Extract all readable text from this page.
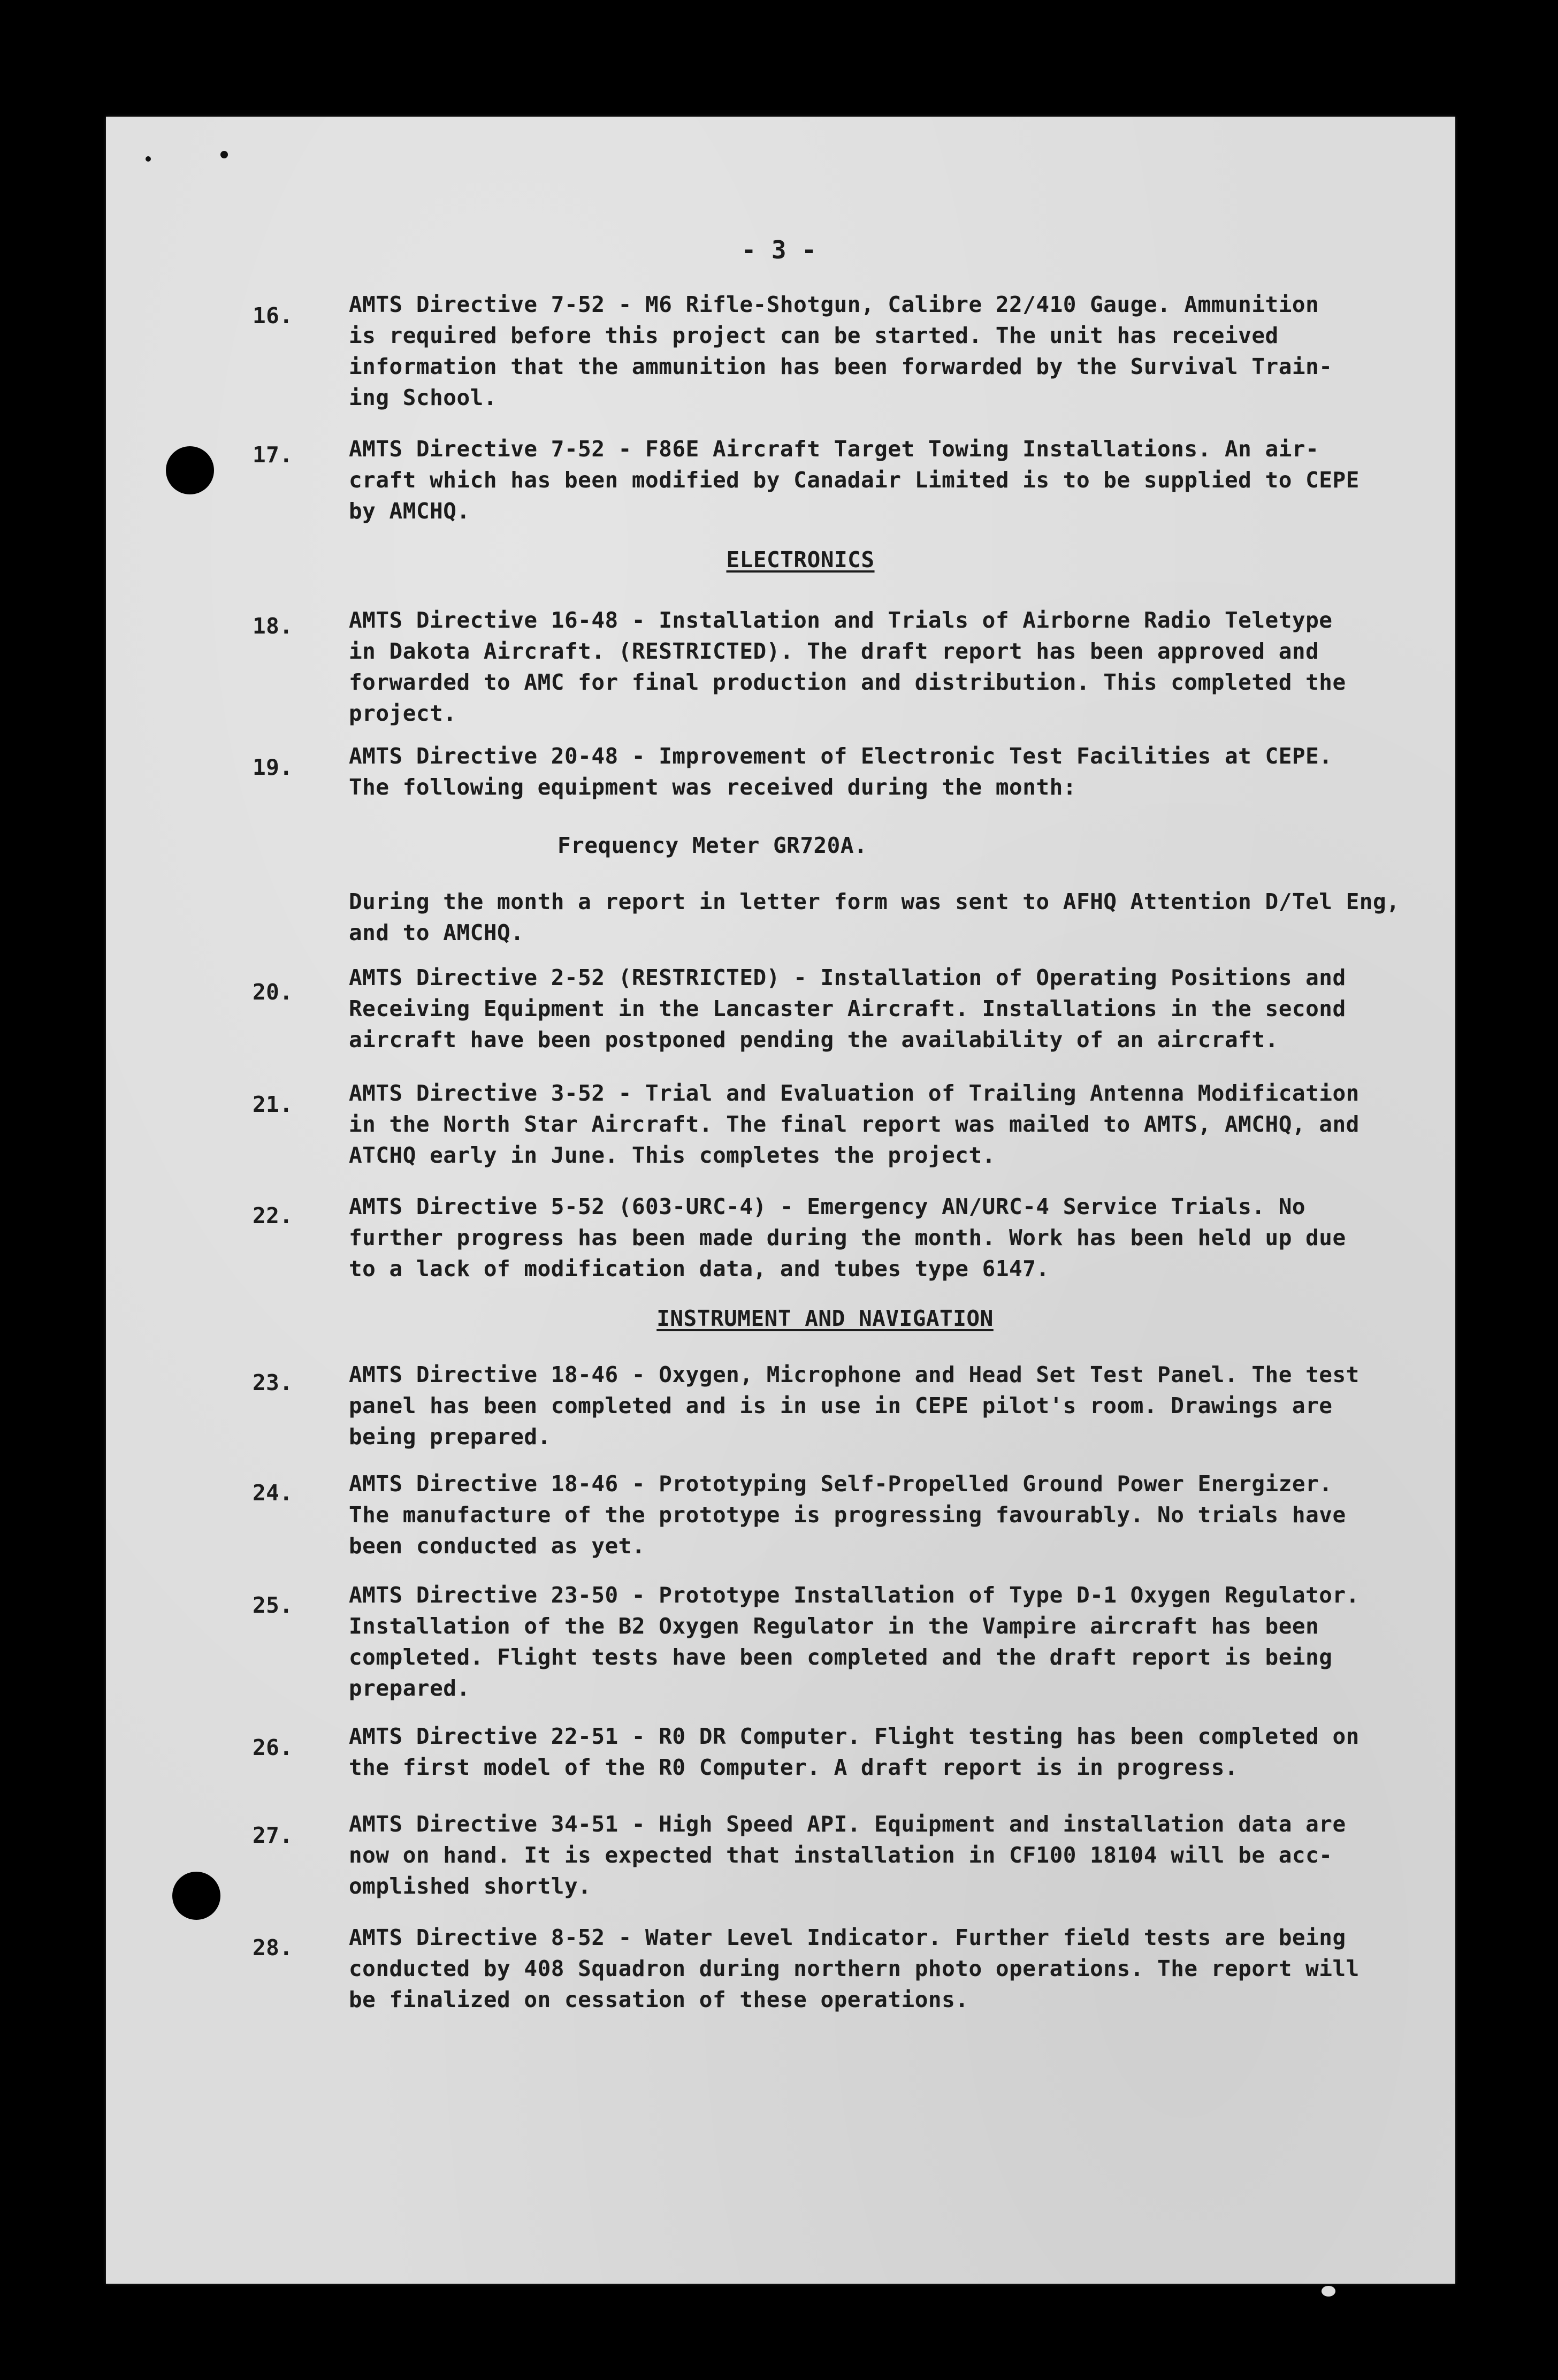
- 3 -
16.	AMTS Directive 7-52 - M6 Rifle-Shotgun, Calibre 22/410 Gauge. Ammunition
is required before this project can be started. The unit has received
information that the ammunition has been forwarded by the Survival Train-
ing School.
17.	AMTS Directive 7-52 - F86E Aircraft Target Towing Installations. An air-
craft which has been modified by Canadair Limited is to be supplied to CEPE
by AMCHQ.
ELECTRONICS
18.	AMTS Directive 16-48 - Installation and Trials of Airborne Radio Teletype
in Dakota Aircraft. (RESTRICTED). The draft report has been approved and
forwarded to AMC for final production and distribution. This completed the
project.
19.	AMTS Directive 20-48 - Improvement of Electronic Test Facilities at CEPE.
The following equipment was received during the month:
Frequency Meter GR720A.
During the month a report in letter form was sent to AFHQ Attention D/Tel Eng,
and to AMCHQ.
20.
AMTS Directive 2-52 (RESTRICTED) - Installation of Operating Positions and
Receiving Equipment in the Lancaster Aircraft. Installations in the second
aircraft have been postponed pending the availability of an aircraft.
21.	AMTS Directive 3-52 - Trial and Evaluation of Trailing Antenna Modification
in the North Star Aircraft. The final report was mailed to AMTS, AMCHQ, and
ATCHQ early in June. This completes the project.
22.	AMTS Directive 5-52 (603-URC-4) - Emergency AN/URC-4 Service Trials. No
further progress has been made during the month. Work has been held up due
to a lack of modification data, and tubes type 6147.
INSTRUMENT AND NAVIGATION
23.	AMTS Directive 18-46 - Oxygen, Microphone and Head Set Test Panel. The test
panel has been completed and is in use in CEPE pilot's room. Drawings are
being prepared.
24.	AMTS Directive 18-46 - Prototyping Self-Propelled Ground Power Energizer.
The manufacture of the prototype is progressing favourably. No trials have
been conducted as yet.
25.	AMTS Directive 23-50 - Prototype Installation of Type D-1 Oxygen Regulator.
Installation of the B2 Oxygen Regulator in the Vampire aircraft has been
completed. Flight tests have been completed and the draft report is being
prepared.
26.	AMTS Directive 22-51 - R0 DR Computer. Flight testing has been completed on
the first model of the R0 Computer. A draft report is in progress.
27.	AMTS Directive 34-51 - High Speed API. Equipment and installation data are
now on hand. It is expected that installation in CF100 18104 will be acc-
omplished shortly.
28.	AMTS Directive 8-52 - Water Level Indicator. Further field tests are being
conducted by 408 Squadron during northern photo operations. The report will
be finalized on cessation of these operations.
